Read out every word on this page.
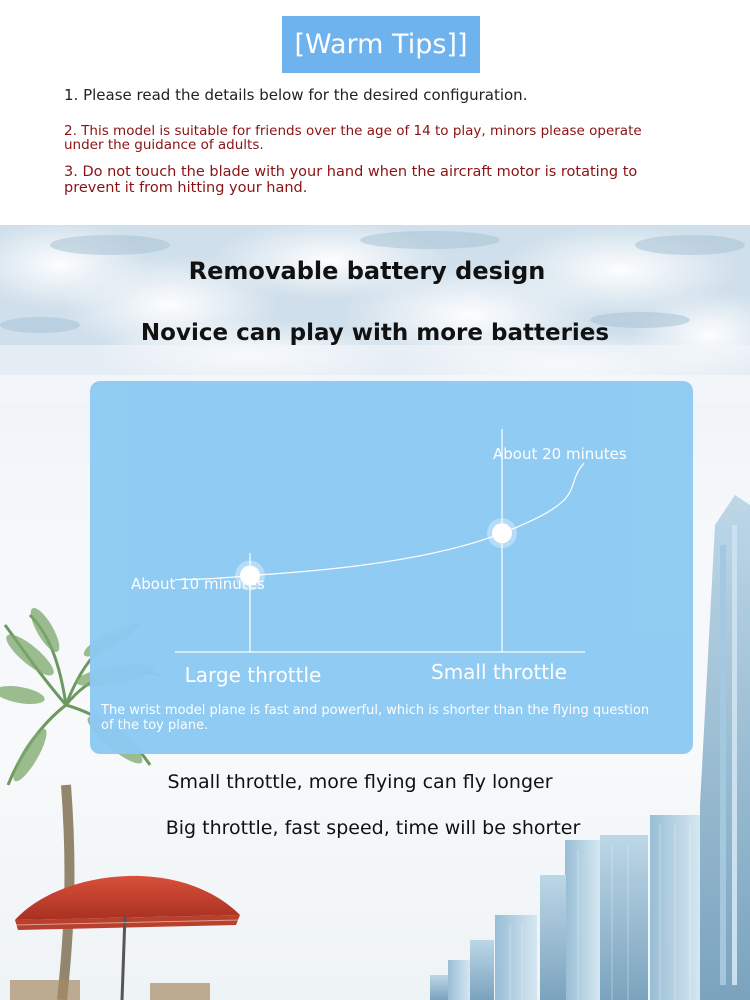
[Warm Tips]]

1. Please read the details below for the desired configuration.

2. This model is suitable for friends over the age of 14 to play, minors please operate under the guidance of adults.

3. Do not touch the blade with your hand when the aircraft motor is rotating to prevent it from hitting your hand.

Removable battery design
Novice can play with more batteries
About 10 minutes
About 20 minutes
Large throttle	Small throttle

The wrist model plane is fast and powerful, which is shorter than the flying question of the toy plane.

Small throttle, more flying can fly longer

Big throttle, fast speed, time will be shorter
